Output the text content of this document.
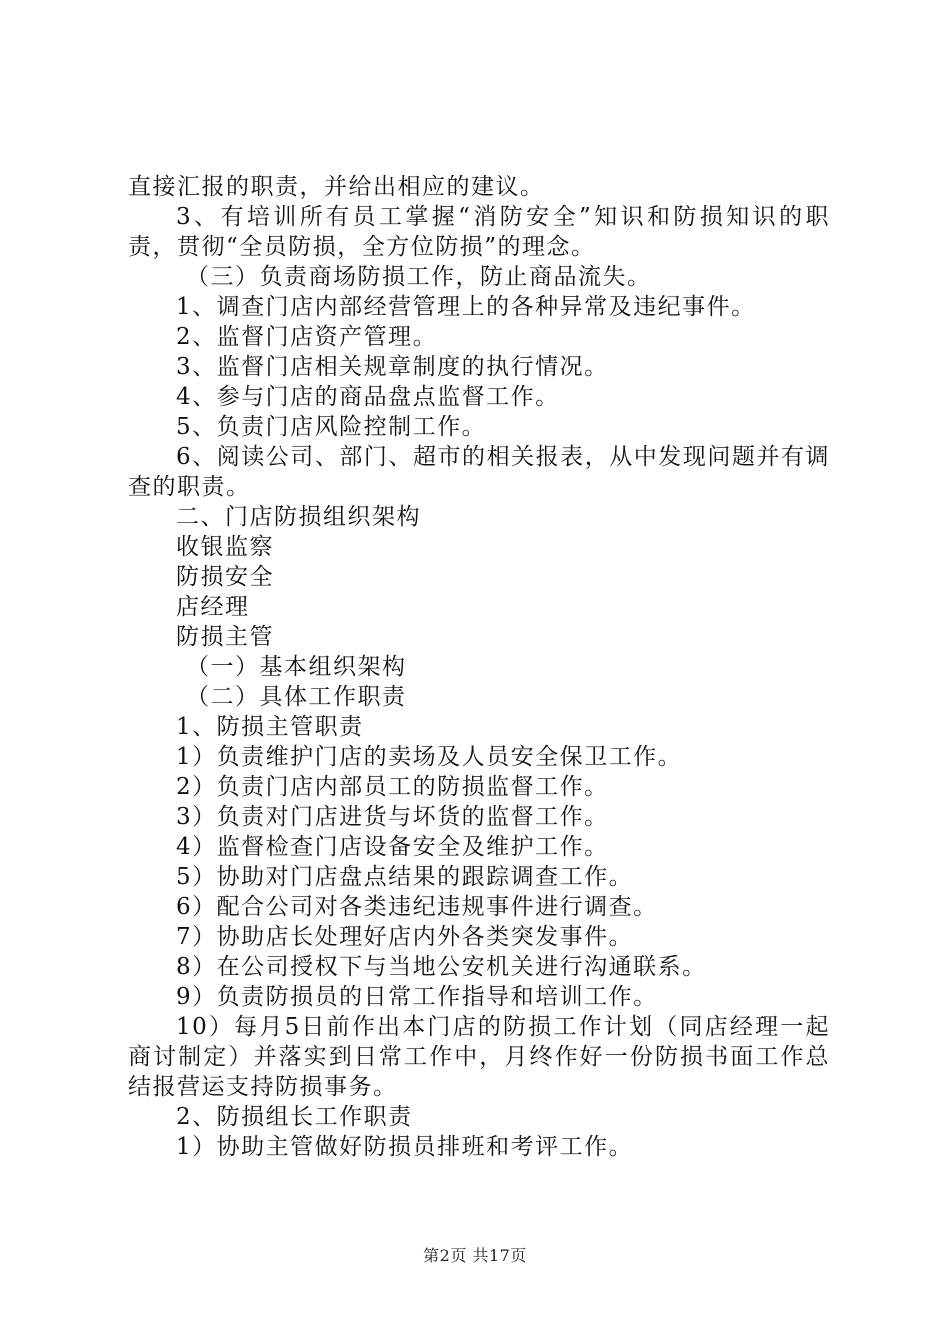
直接汇报的职责，并给出相应的建议。

3、有培训所有员工掌握“消防安全”知识和防损知识的职责，贯彻“全员防损，全方位防损”的理念。

（三）负责商场防损工作，防止商品流失。

1、调查门店内部经营管理上的各种异常及违纪事件。

2、监督门店资产管理。

3、监督门店相关规章制度的执行情况。

4、参与门店的商品盘点监督工作。

5、负责门店风险控制工作。

6、阅读公司、部门、超市的相关报表，从中发现问题并有调查的职责。

二、门店防损组织架构

收银监察

防损安全

店经理

防损主管

（一）基本组织架构

（二）具体工作职责

1、防损主管职责

1）负责维护门店的卖场及人员安全保卫工作。

2）负责门店内部员工的防损监督工作。

3）负责对门店进货与坏货的监督工作。

4）监督检查门店设备安全及维护工作。

5）协助对门店盘点结果的跟踪调查工作。

6）配合公司对各类违纪违规事件进行调查。

7）协助店长处理好店内外各类突发事件。

8）在公司授权下与当地公安机关进行沟通联系。

9）负责防损员的日常工作指导和培训工作。

10）每月5日前作出本门店的防损工作计划（同店经理一起商讨制定）并落实到日常工作中，月终作好一份防损书面工作总结报营运支持防损事务。

2、防损组长工作职责

1）协助主管做好防损员排班和考评工作。

第2页 共17页
